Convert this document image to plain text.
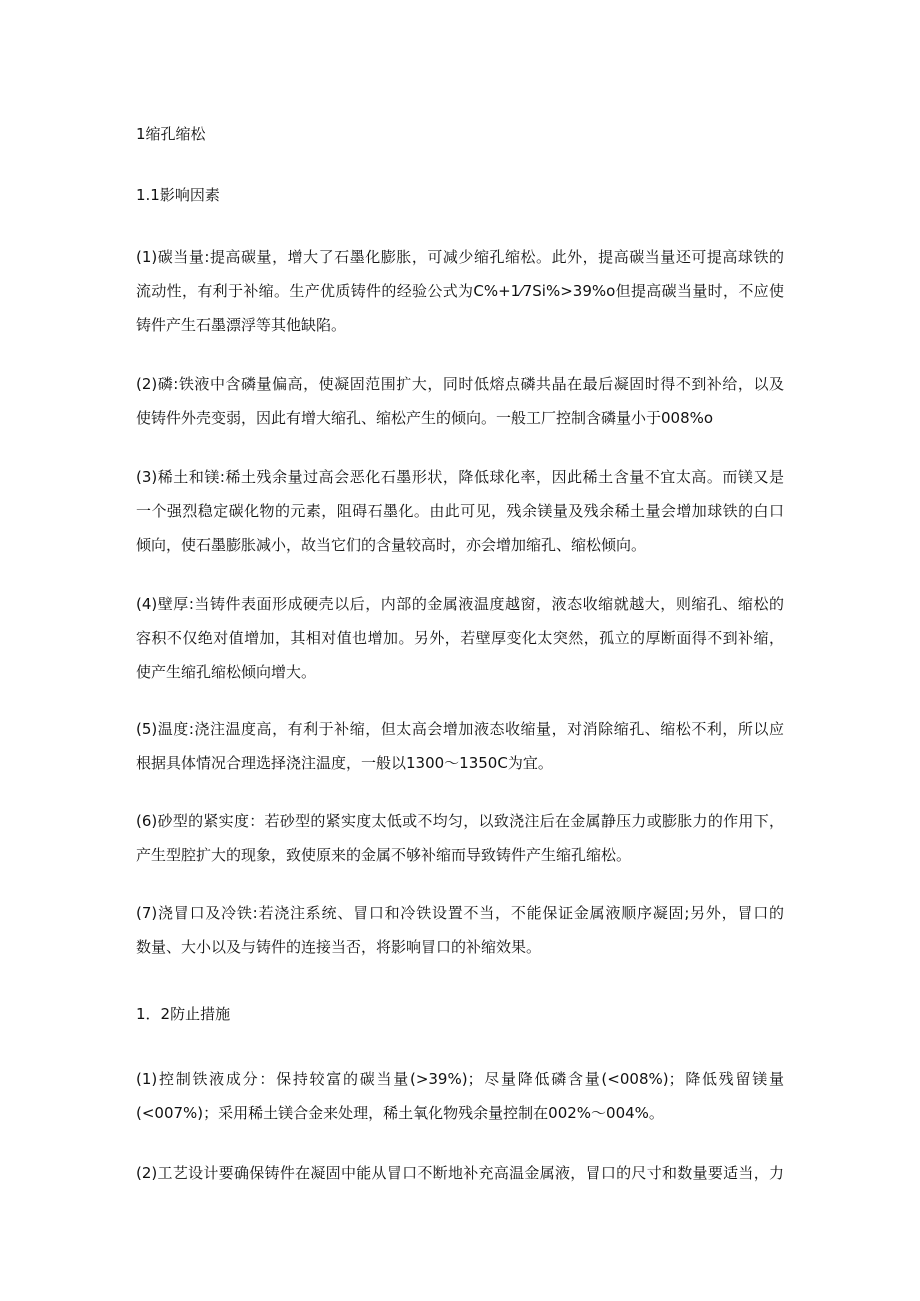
1缩孔缩松
1.1影响因素
(1)碳当量:提高碳量，增大了石墨化膨胀，可减少缩孔缩松。此外，提高碳当量还可提高球铁的
流动性，有利于补缩。生产优质铸件的经验公式为C%+1⁄7Si%>39%o但提高碳当量时，不应使
铸件产生石墨漂浮等其他缺陷。
(2)磷:铁液中含磷量偏高，使凝固范围扩大，同时低熔点磷共晶在最后凝固时得不到补给，以及
使铸件外壳变弱，因此有增大缩孔、缩松产生的倾向。一般工厂控制含磷量小于008%o
(3)稀土和镁:稀土残余量过高会恶化石墨形状，降低球化率，因此稀土含量不宜太高。而镁又是
一个强烈稳定碳化物的元素，阻碍石墨化。由此可见，残余镁量及残余稀土量会增加球铁的白口
倾向，使石墨膨胀减小，故当它们的含量较高时，亦会增加缩孔、缩松倾向。
(4)壁厚:当铸件表面形成硬壳以后，内部的金属液温度越窗，液态收缩就越大，则缩孔、缩松的
容积不仅绝对值增加，其相对值也增加。另外，若壁厚变化太突然，孤立的厚断面得不到补缩，
使产生缩孔缩松倾向增大。
(5)温度:浇注温度高，有利于补缩，但太高会增加液态收缩量，对消除缩孔、缩松不利，所以应
根据具体情况合理选择浇注温度，一般以1300～1350C为宜。
(6)砂型的紧实度：若砂型的紧实度太低或不均匀，以致浇注后在金属静压力或膨胀力的作用下，
产生型腔扩大的现象，致使原来的金属不够补缩而导致铸件产生缩孔缩松。
(7)浇冒口及冷铁:若浇注系统、冒口和冷铁设置不当，不能保证金属液顺序凝固;另外，冒口的
数量、大小以及与铸件的连接当否，将影响冒口的补缩效果。
1．2防止措施
(1)控制铁液成分：保持较富的碳当量(>39%)；尽量降低磷含量(<008%)；降低残留镁量
(<007%)；采用稀土镁合金来处理，稀土氧化物残余量控制在002%～004%。
(2)工艺设计要确保铸件在凝固中能从冒口不断地补充高温金属液，冒口的尺寸和数量要适当，力
